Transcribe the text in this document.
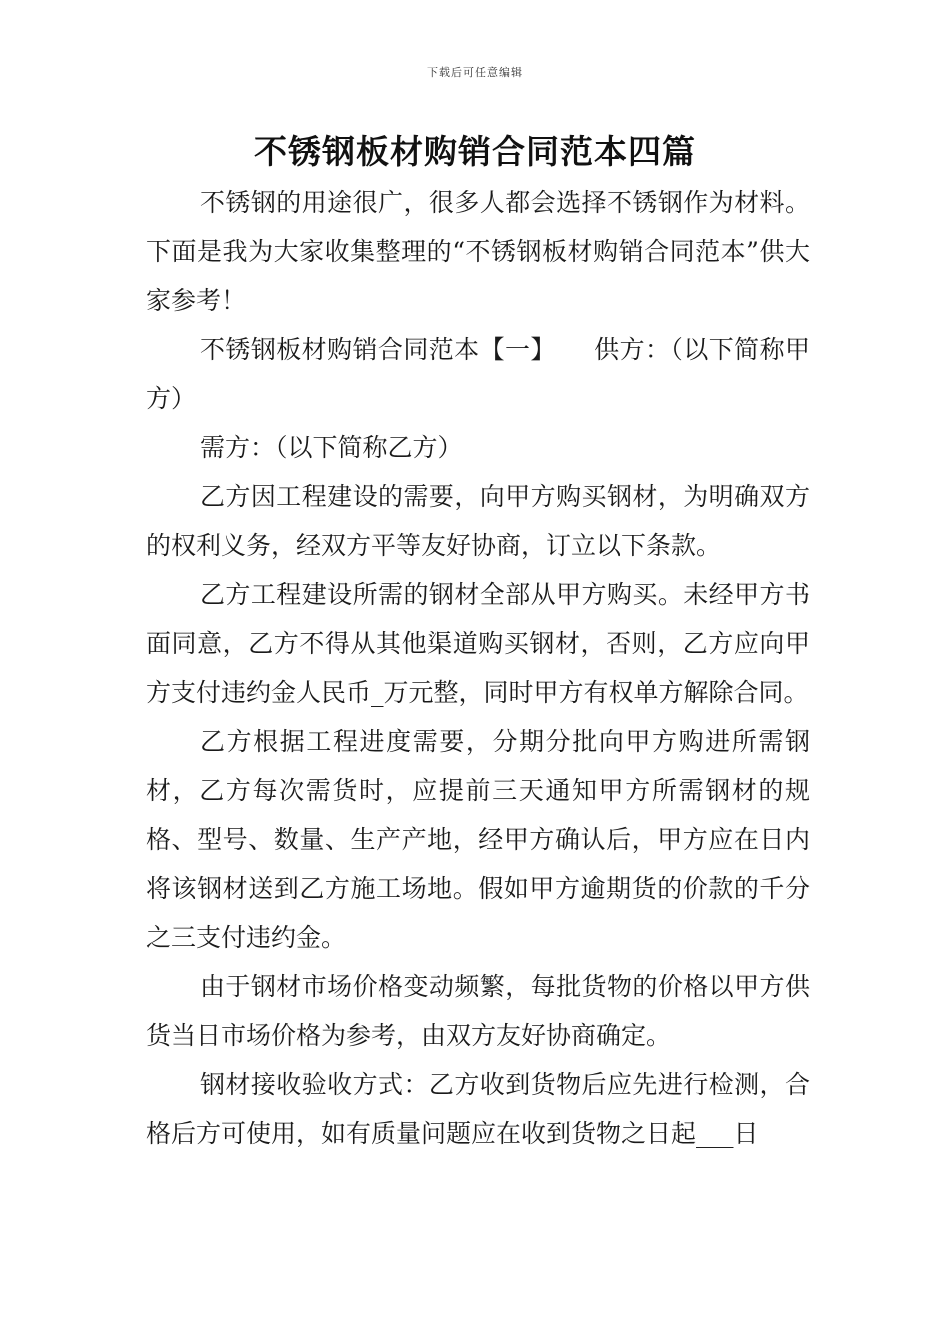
下载后可任意编辑
不锈钢板材购销合同范本四篇

不锈钢的用途很广，很多人都会选择不锈钢作为材料。下面是我为大家收集整理的“不锈钢板材购销合同范本”供大家参考！

不锈钢板材购销合同范本【一】　　供方：（以下简称甲方）

需方：（以下简称乙方）

乙方因工程建设的需要，向甲方购买钢材，为明确双方的权利义务，经双方平等友好协商，订立以下条款。

乙方工程建设所需的钢材全部从甲方购买。未经甲方书面同意，乙方不得从其他渠道购买钢材，否则，乙方应向甲方支付违约金人民币_万元整，同时甲方有权单方解除合同。

乙方根据工程进度需要，分期分批向甲方购进所需钢材，乙方每次需货时，应提前三天通知甲方所需钢材的规格、型号、数量、生产产地，经甲方确认后，甲方应在日内将该钢材送到乙方施工场地。假如甲方逾期货的价款的千分之三支付违约金。

由于钢材市场价格变动频繁，每批货物的价格以甲方供货当日市场价格为参考，由双方友好协商确定。

钢材接收验收方式：乙方收到货物后应先进行检测，合格后方可使用，如有质量问题应在收到货物之日起___日
